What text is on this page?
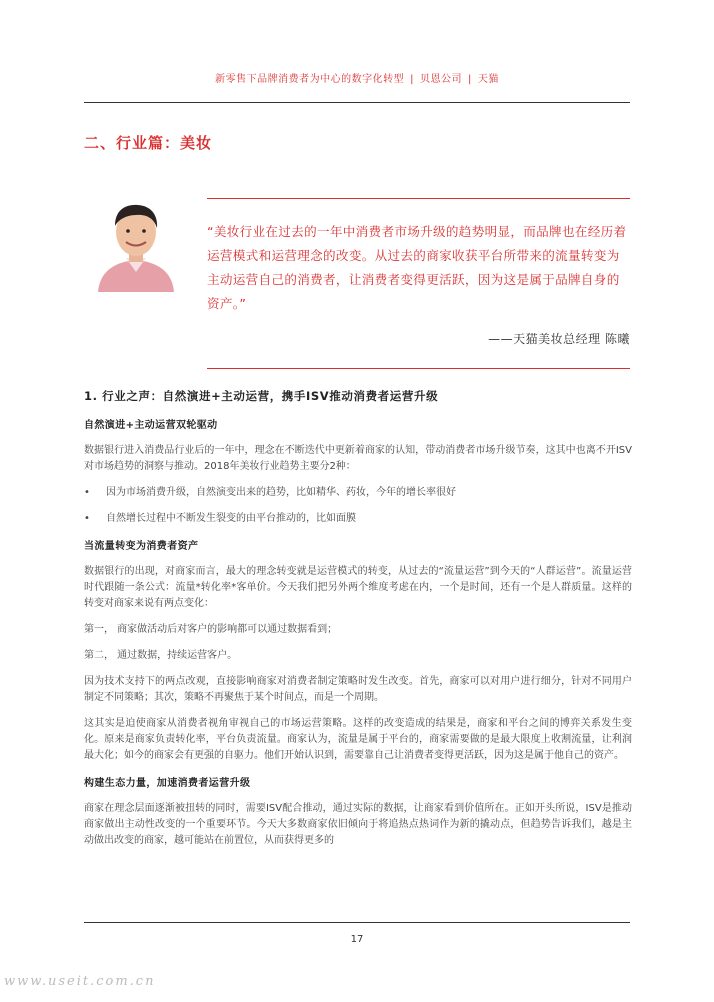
新零售下品牌消费者为中心的数字化转型 | 贝恩公司 | 天猫
二、行业篇：美妆
“美妆行业在过去的一年中消费者市场升级的趋势明显，而品牌也在经历着运营模式和运营理念的改变。从过去的商家收获平台所带来的流量转变为主动运营自己的消费者，让消费者变得更活跃，因为这是属于品牌自身的资产。”
——天猫美妆总经理 陈曦
1. 行业之声：自然演进+主动运营，携手ISV推动消费者运营升级
自然演进+主动运营双轮驱动
数据银行进入消费品行业后的一年中，理念在不断迭代中更新着商家的认知，带动消费者市场升级节奏，这其中也离不开ISV对市场趋势的洞察与推动。2018年美妆行业趋势主要分2种：
•	因为市场消费升级，自然演变出来的趋势，比如精华、药妆，今年的增长率很好
•	自然增长过程中不断发生裂变的由平台推动的，比如面膜
当流量转变为消费者资产
数据银行的出现，对商家而言，最大的理念转变就是运营模式的转变，从过去的“流量运营”到今天的“人群运营”。流量运营时代跟随一条公式：流量*转化率*客单价。今天我们把另外两个维度考虑在内，一个是时间，还有一个是人群质量。这样的转变对商家来说有两点变化：
第一， 商家做活动后对客户的影响都可以通过数据看到；
第二， 通过数据，持续运营客户。
因为技术支持下的两点改观，直接影响商家对消费者制定策略时发生改变。首先，商家可以对用户进行细分，针对不同用户制定不同策略；其次，策略不再聚焦于某个时间点，而是一个周期。
这其实是迫使商家从消费者视角审视自己的市场运营策略。这样的改变造成的结果是，商家和平台之间的博弈关系发生变化。原来是商家负责转化率，平台负责流量。商家认为，流量是属于平台的，商家需要做的是最大限度上收割流量，让利润最大化；如今的商家会有更强的自驱力。他们开始认识到，需要靠自己让消费者变得更活跃，因为这是属于他自己的资产。
构建生态力量，加速消费者运营升级
商家在理念层面逐渐被扭转的同时，需要ISV配合推动，通过实际的数据，让商家看到价值所在。正如开头所说，ISV是推动商家做出主动性改变的一个重要环节。今天大多数商家依旧倾向于将追热点热词作为新的撬动点，但趋势告诉我们，越是主动做出改变的商家，越可能站在前置位，从而获得更多的
17
www.useit.com.cn
